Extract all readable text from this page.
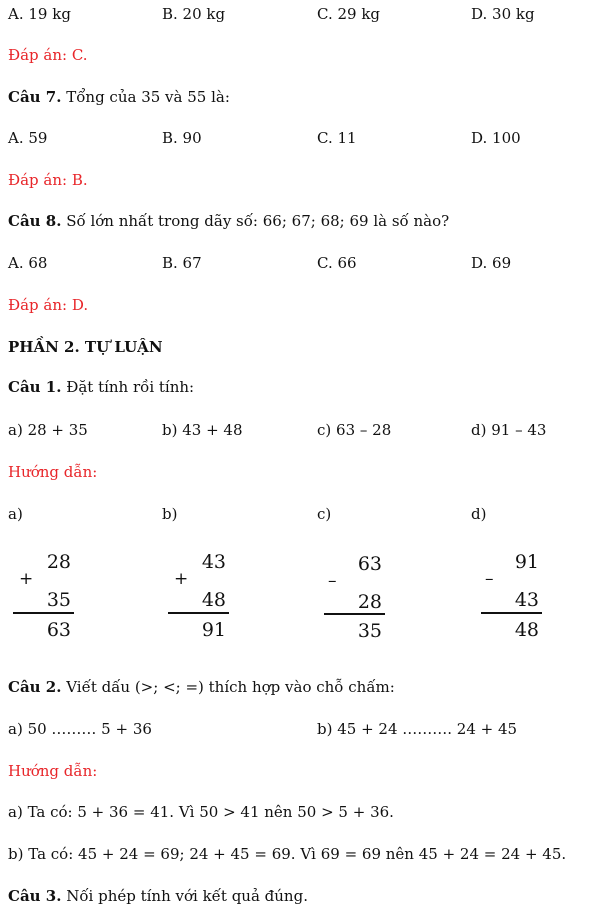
A. 19 kg	B. 20 kg	C. 29 kg	D. 30 kg
Đáp án: C.
Câu 7. Tổng của 35 và 55 là:
A. 59	B. 90	C. 11	D. 100
Đáp án: B.
Câu 8. Số lớn nhất trong dãy số: 66; 67; 68; 69 là số nào?
A. 68	B. 67	C. 66	D. 69
Đáp án: D.
PHẦN 2. TỰ LUẬN
Câu 1. Đặt tính rồi tính:
a) 28 + 35	b) 43 + 48	c) 63 – 28	d) 91 – 43
Hướng dẫn:
a)	b)	c)	d)
28
+
35
63
43
+
48
91
63
–
28
35
91
–
43
48
Câu 2. Viết dấu (>; <; =) thích hợp vào chỗ chấm:
a) 50 ……… 5 + 36	b) 45 + 24 ………. 24 + 45
Hướng dẫn:
a) Ta có: 5 + 36 = 41. Vì 50 > 41 nên 50 > 5 + 36.
b) Ta có: 45 + 24 = 69; 24 + 45 = 69. Vì 69 = 69 nên 45 + 24 = 24 + 45.
Câu 3. Nối phép tính với kết quả đúng.
